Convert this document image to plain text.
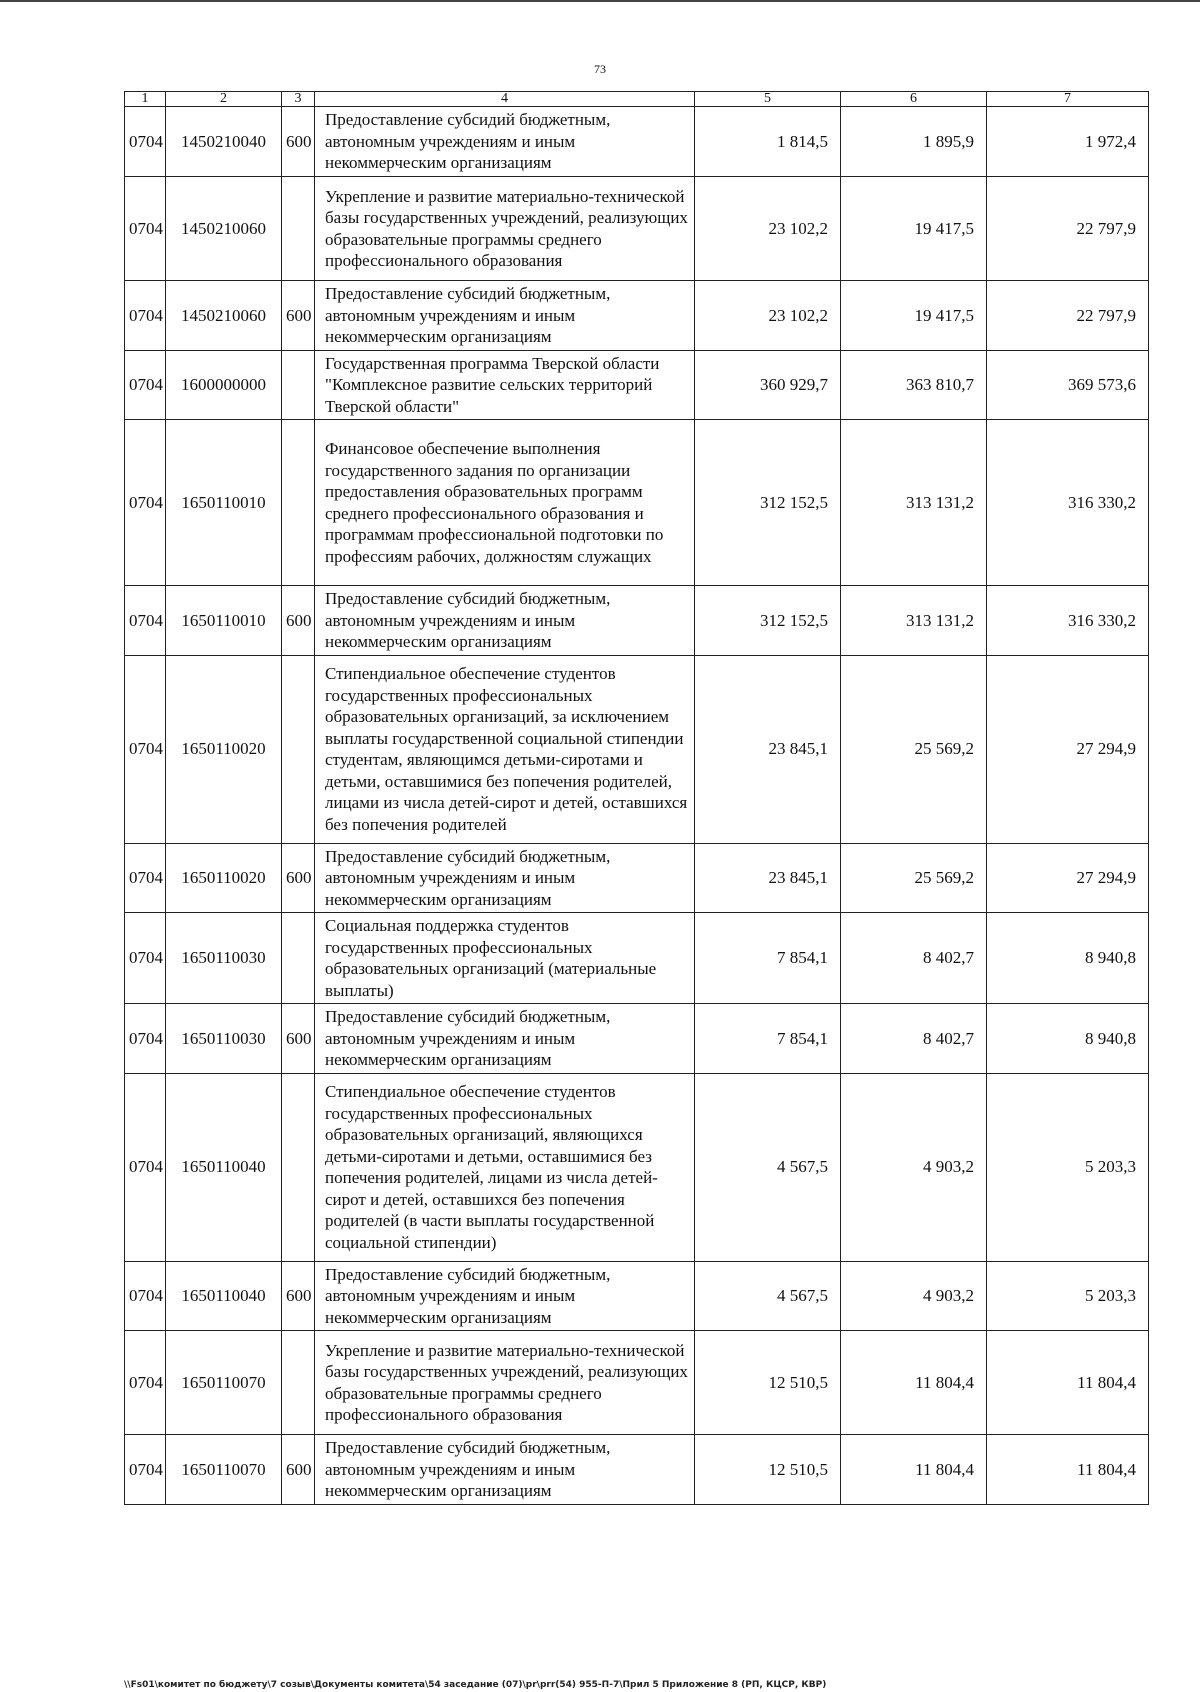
73
1	2	3	4	5	6	7
0704	1450210040	600	Предоставление субсидий бюджетным, автономным учреждениям и иным некоммерческим организациям	1 814,5	1 895,9	1 972,4
0704	1450210060		Укрепление и развитие материально-технической базы государственных учреждений, реализующих образовательные программы среднего профессионального образования	23 102,2	19 417,5	22 797,9
0704	1450210060	600	Предоставление субсидий бюджетным, автономным учреждениям и иным некоммерческим организациям	23 102,2	19 417,5	22 797,9
0704	1600000000		Государственная программа Тверской области "Комплексное развитие сельских территорий Тверской области"	360 929,7	363 810,7	369 573,6
0704	1650110010		Финансовое обеспечение выполнения государственного задания по организации предоставления образовательных программ среднего профессионального образования и программам профессиональной подготовки по профессиям рабочих, должностям служащих	312 152,5	313 131,2	316 330,2
0704	1650110010	600	Предоставление субсидий бюджетным, автономным учреждениям и иным некоммерческим организациям	312 152,5	313 131,2	316 330,2
0704	1650110020		Стипендиальное обеспечение студентов государственных профессиональных образовательных организаций, за исключением выплаты государственной социальной стипендии студентам, являющимся детьми-сиротами и детьми, оставшимися без попечения родителей, лицами из числа детей-сирот и детей, оставшихся без попечения родителей	23 845,1	25 569,2	27 294,9
0704	1650110020	600	Предоставление субсидий бюджетным, автономным учреждениям и иным некоммерческим организациям	23 845,1	25 569,2	27 294,9
0704	1650110030		Социальная поддержка студентов государственных профессиональных образовательных организаций (материальные выплаты)	7 854,1	8 402,7	8 940,8
0704	1650110030	600	Предоставление субсидий бюджетным, автономным учреждениям и иным некоммерческим организациям	7 854,1	8 402,7	8 940,8
0704	1650110040		Стипендиальное обеспечение студентов государственных профессиональных образовательных организаций, являющихся детьми-сиротами и детьми, оставшимися без попечения родителей, лицами из числа детей-сирот и детей, оставшихся без попечения родителей (в части выплаты государственной социальной стипендии)	4 567,5	4 903,2	5 203,3
0704	1650110040	600	Предоставление субсидий бюджетным, автономным учреждениям и иным некоммерческим организациям	4 567,5	4 903,2	5 203,3
0704	1650110070		Укрепление и развитие материально-технической базы государственных учреждений, реализующих образовательные программы среднего профессионального образования	12 510,5	11 804,4	11 804,4
0704	1650110070	600	Предоставление субсидий бюджетным, автономным учреждениям и иным некоммерческим организациям	12 510,5	11 804,4	11 804,4
\\Fs01\комитет по бюджету\7 созыв\Документы комитета\54 заседание (07)\pr\prr(54) 955-П-7\Прил 5 Приложение 8 (РП, КЦСР, КВР)
